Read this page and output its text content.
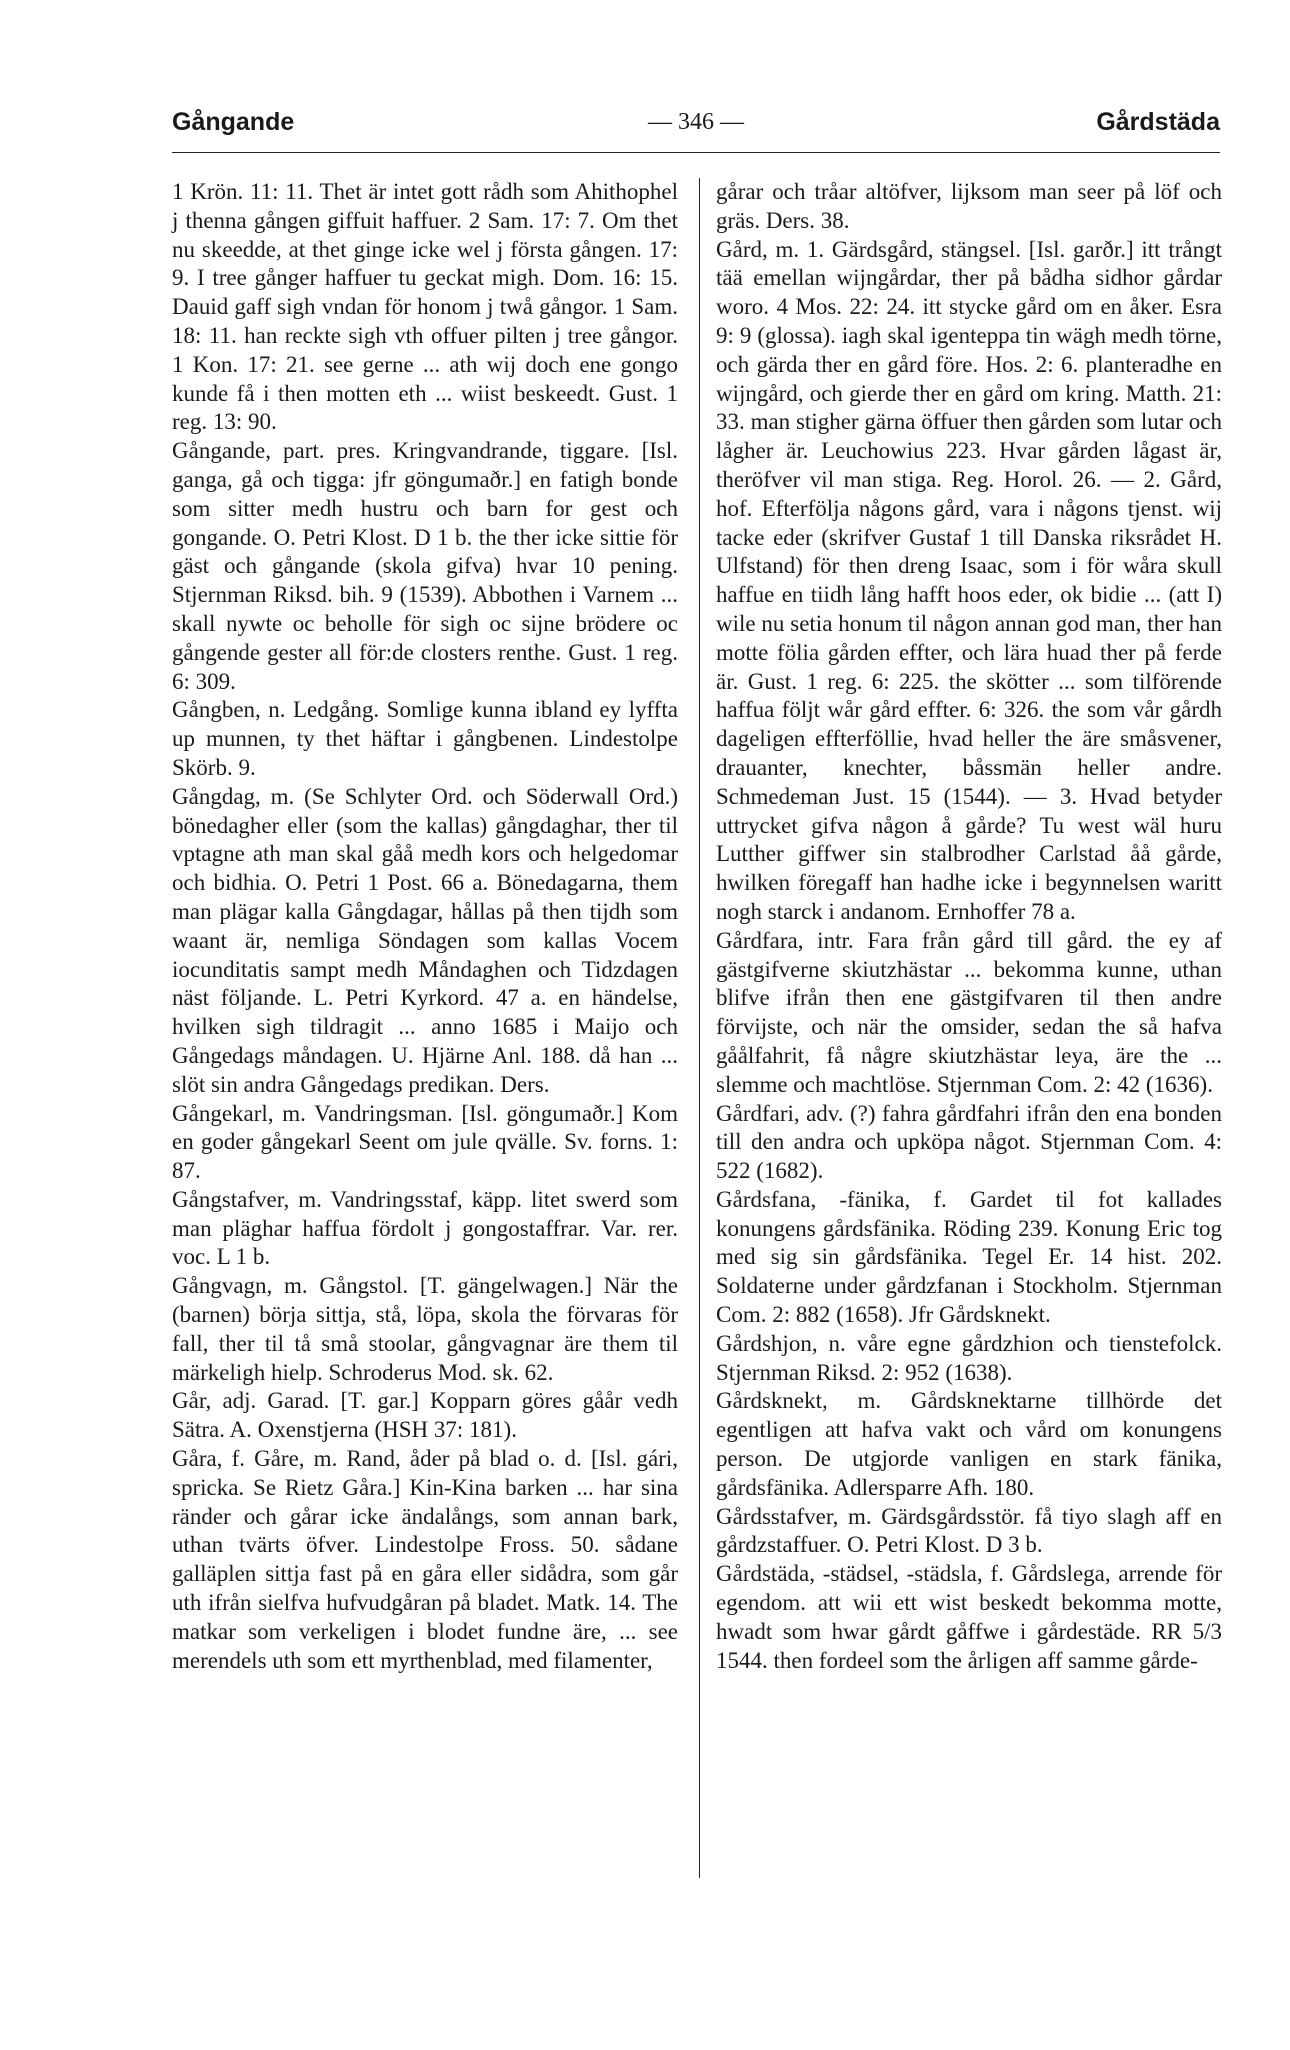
Gångande	— 346 —	Gårdstäda

1 Krön. 11: 11. Thet är intet gott rådh som Ahithophel j thenna gången giffuit haffuer. 2 Sam. 17: 7. Om thet nu skeedde, at thet ginge icke wel j första gången. 17: 9. I tree gånger haffuer tu geckat migh. Dom. 16: 15. Dauid gaff sigh vndan för honom j twå gångor. 1 Sam. 18: 11. han reckte sigh vth offuer pilten j tree gångor. 1 Kon. 17: 21. see gerne ... ath wij doch ene gongo kunde få i then motten eth ... wiist beskeedt. Gust. 1 reg. 13: 90.

Gångande, part. pres. Kringvandrande, tiggare. [Isl. ganga, gå och tigga: jfr göngumaðr.] en fatigh bonde som sitter medh hustru och barn for gest och gongande. O. Petri Klost. D 1 b. the ther icke sittie för gäst och gångande (skola gifva) hvar 10 pening. Stjernman Riksd. bih. 9 (1539). Abbothen i Varnem ... skall nywte oc beholle för sigh oc sijne brödere oc gångende gester all för:de closters renthe. Gust. 1 reg. 6: 309.

Gångben, n. Ledgång. Somlige kunna ibland ey lyffta up munnen, ty thet häftar i gångbenen. Lindestolpe Skörb. 9.

Gångdag, m. (Se Schlyter Ord. och Söderwall Ord.) bönedagher eller (som the kallas) gångdaghar, ther til vptagne ath man skal gåå medh kors och helgedomar och bidhia. O. Petri 1 Post. 66 a. Bönedagarna, them man plägar kalla Gångdagar, hållas på then tijdh som waant är, nemliga Söndagen som kallas Vocem iocunditatis sampt medh Måndaghen och Tidzdagen näst följande. L. Petri Kyrkord. 47 a. en händelse, hvilken sigh tildragit ... anno 1685 i Maijo och Gångedags måndagen. U. Hjärne Anl. 188. då han ... slöt sin andra Gångedags predikan. Ders.

Gångekarl, m. Vandringsman. [Isl. göngumaðr.] Kom en goder gångekarl Seent om jule qvälle. Sv. forns. 1: 87.

Gångstafver, m. Vandringsstaf, käpp. litet swerd som man pläghar haffua fördolt j gongostaffrar. Var. rer. voc. L 1 b.

Gångvagn, m. Gångstol. [T. gängelwagen.] När the (barnen) börja sittja, stå, löpa, skola the förvaras för fall, ther til tå små stoolar, gångvagnar äre them til märkeligh hielp. Schroderus Mod. sk. 62.

Går, adj. Garad. [T. gar.] Kopparn göres gåår vedh Sätra. A. Oxenstjerna (HSH 37: 181).

Gåra, f. Gåre, m. Rand, åder på blad o. d. [Isl. gári, spricka. Se Rietz Gåra.] Kin-Kina barken ... har sina ränder och gårar icke ändalångs, som annan bark, uthan tvärts öfver. Lindestolpe Fross. 50. sådane galläplen sittja fast på en gåra eller sidådra, som går uth ifrån sielfva hufvudgåran på bladet. Matk. 14. The matkar som verkeligen i blodet fundne äre, ... see merendels uth som ett myrthenblad, med filamenter,

gårar och tråar altöfver, lijksom man seer på löf och gräs. Ders. 38.

Gård, m. 1. Gärdsgård, stängsel. [Isl. garðr.] itt trångt tää emellan wijngårdar, ther på bådha sidhor gårdar woro. 4 Mos. 22: 24. itt stycke gård om en åker. Esra 9: 9 (glossa). iagh skal igenteppa tin wägh medh törne, och gärda ther en gård före. Hos. 2: 6. planteradhe en wijngård, och gierde ther en gård om kring. Matth. 21: 33. man stigher gärna öffuer then gården som lutar och lågher är. Leuchowius 223. Hvar gården lågast är, theröfver vil man stiga. Reg. Horol. 26. — 2. Gård, hof. Efterfölja någons gård, vara i någons tjenst. wij tacke eder (skrifver Gustaf 1 till Danska riksrådet H. Ulfstand) för then dreng Isaac, som i för wåra skull haffue en tiidh lång hafft hoos eder, ok bidie ... (att I) wile nu setia honum til någon annan god man, ther han motte fölia gården effter, och lära huad ther på ferde är. Gust. 1 reg. 6: 225. the skötter ... som tilförende haffua följt wår gård effter. 6: 326. the som vår gårdh dageligen effterföllie, hvad heller the äre småsvener, drauanter, knechter, båssmän heller andre. Schmedeman Just. 15 (1544). — 3. Hvad betyder uttrycket gifva någon å gårde? Tu west wäl huru Lutther giffwer sin stalbrodher Carlstad åå gårde, hwilken föregaff han hadhe icke i begynnelsen waritt nogh starck i andanom. Ernhoffer 78 a.

Gårdfara, intr. Fara från gård till gård. the ey af gästgifverne skiutzhästar ... bekomma kunne, uthan blifve ifrån then ene gästgifvaren til then andre förvijste, och när the omsider, sedan the så hafva gåålfahrit, få någre skiutzhästar leya, äre the ... slemme och machtlöse. Stjernman Com. 2: 42 (1636).

Gårdfari, adv. (?) fahra gårdfahri ifrån den ena bonden till den andra och upköpa något. Stjernman Com. 4: 522 (1682).

Gårdsfana, -fänika, f. Gardet til fot kallades konungens gårdsfänika. Röding 239. Konung Eric tog med sig sin gårdsfänika. Tegel Er. 14 hist. 202. Soldaterne under gårdzfanan i Stockholm. Stjernman Com. 2: 882 (1658). Jfr Gårdsknekt.

Gårdshjon, n. våre egne gårdzhion och tienstefolck. Stjernman Riksd. 2: 952 (1638).

Gårdsknekt, m. Gårdsknektarne tillhörde det egentligen att hafva vakt och vård om konungens person. De utgjorde vanligen en stark fänika, gårdsfänika. Adlersparre Afh. 180.

Gårdsstafver, m. Gärdsgårdsstör. få tiyo slagh aff en gårdzstaffuer. O. Petri Klost. D 3 b.

Gårdstäda, -städsel, -städsla, f. Gårdslega, arrende för egendom. att wii ett wist beskedt bekomma motte, hwadt som hwar gårdt gåffwe i gårdestäde. RR 5/3 1544. then fordeel som the årligen aff samme gårde-
